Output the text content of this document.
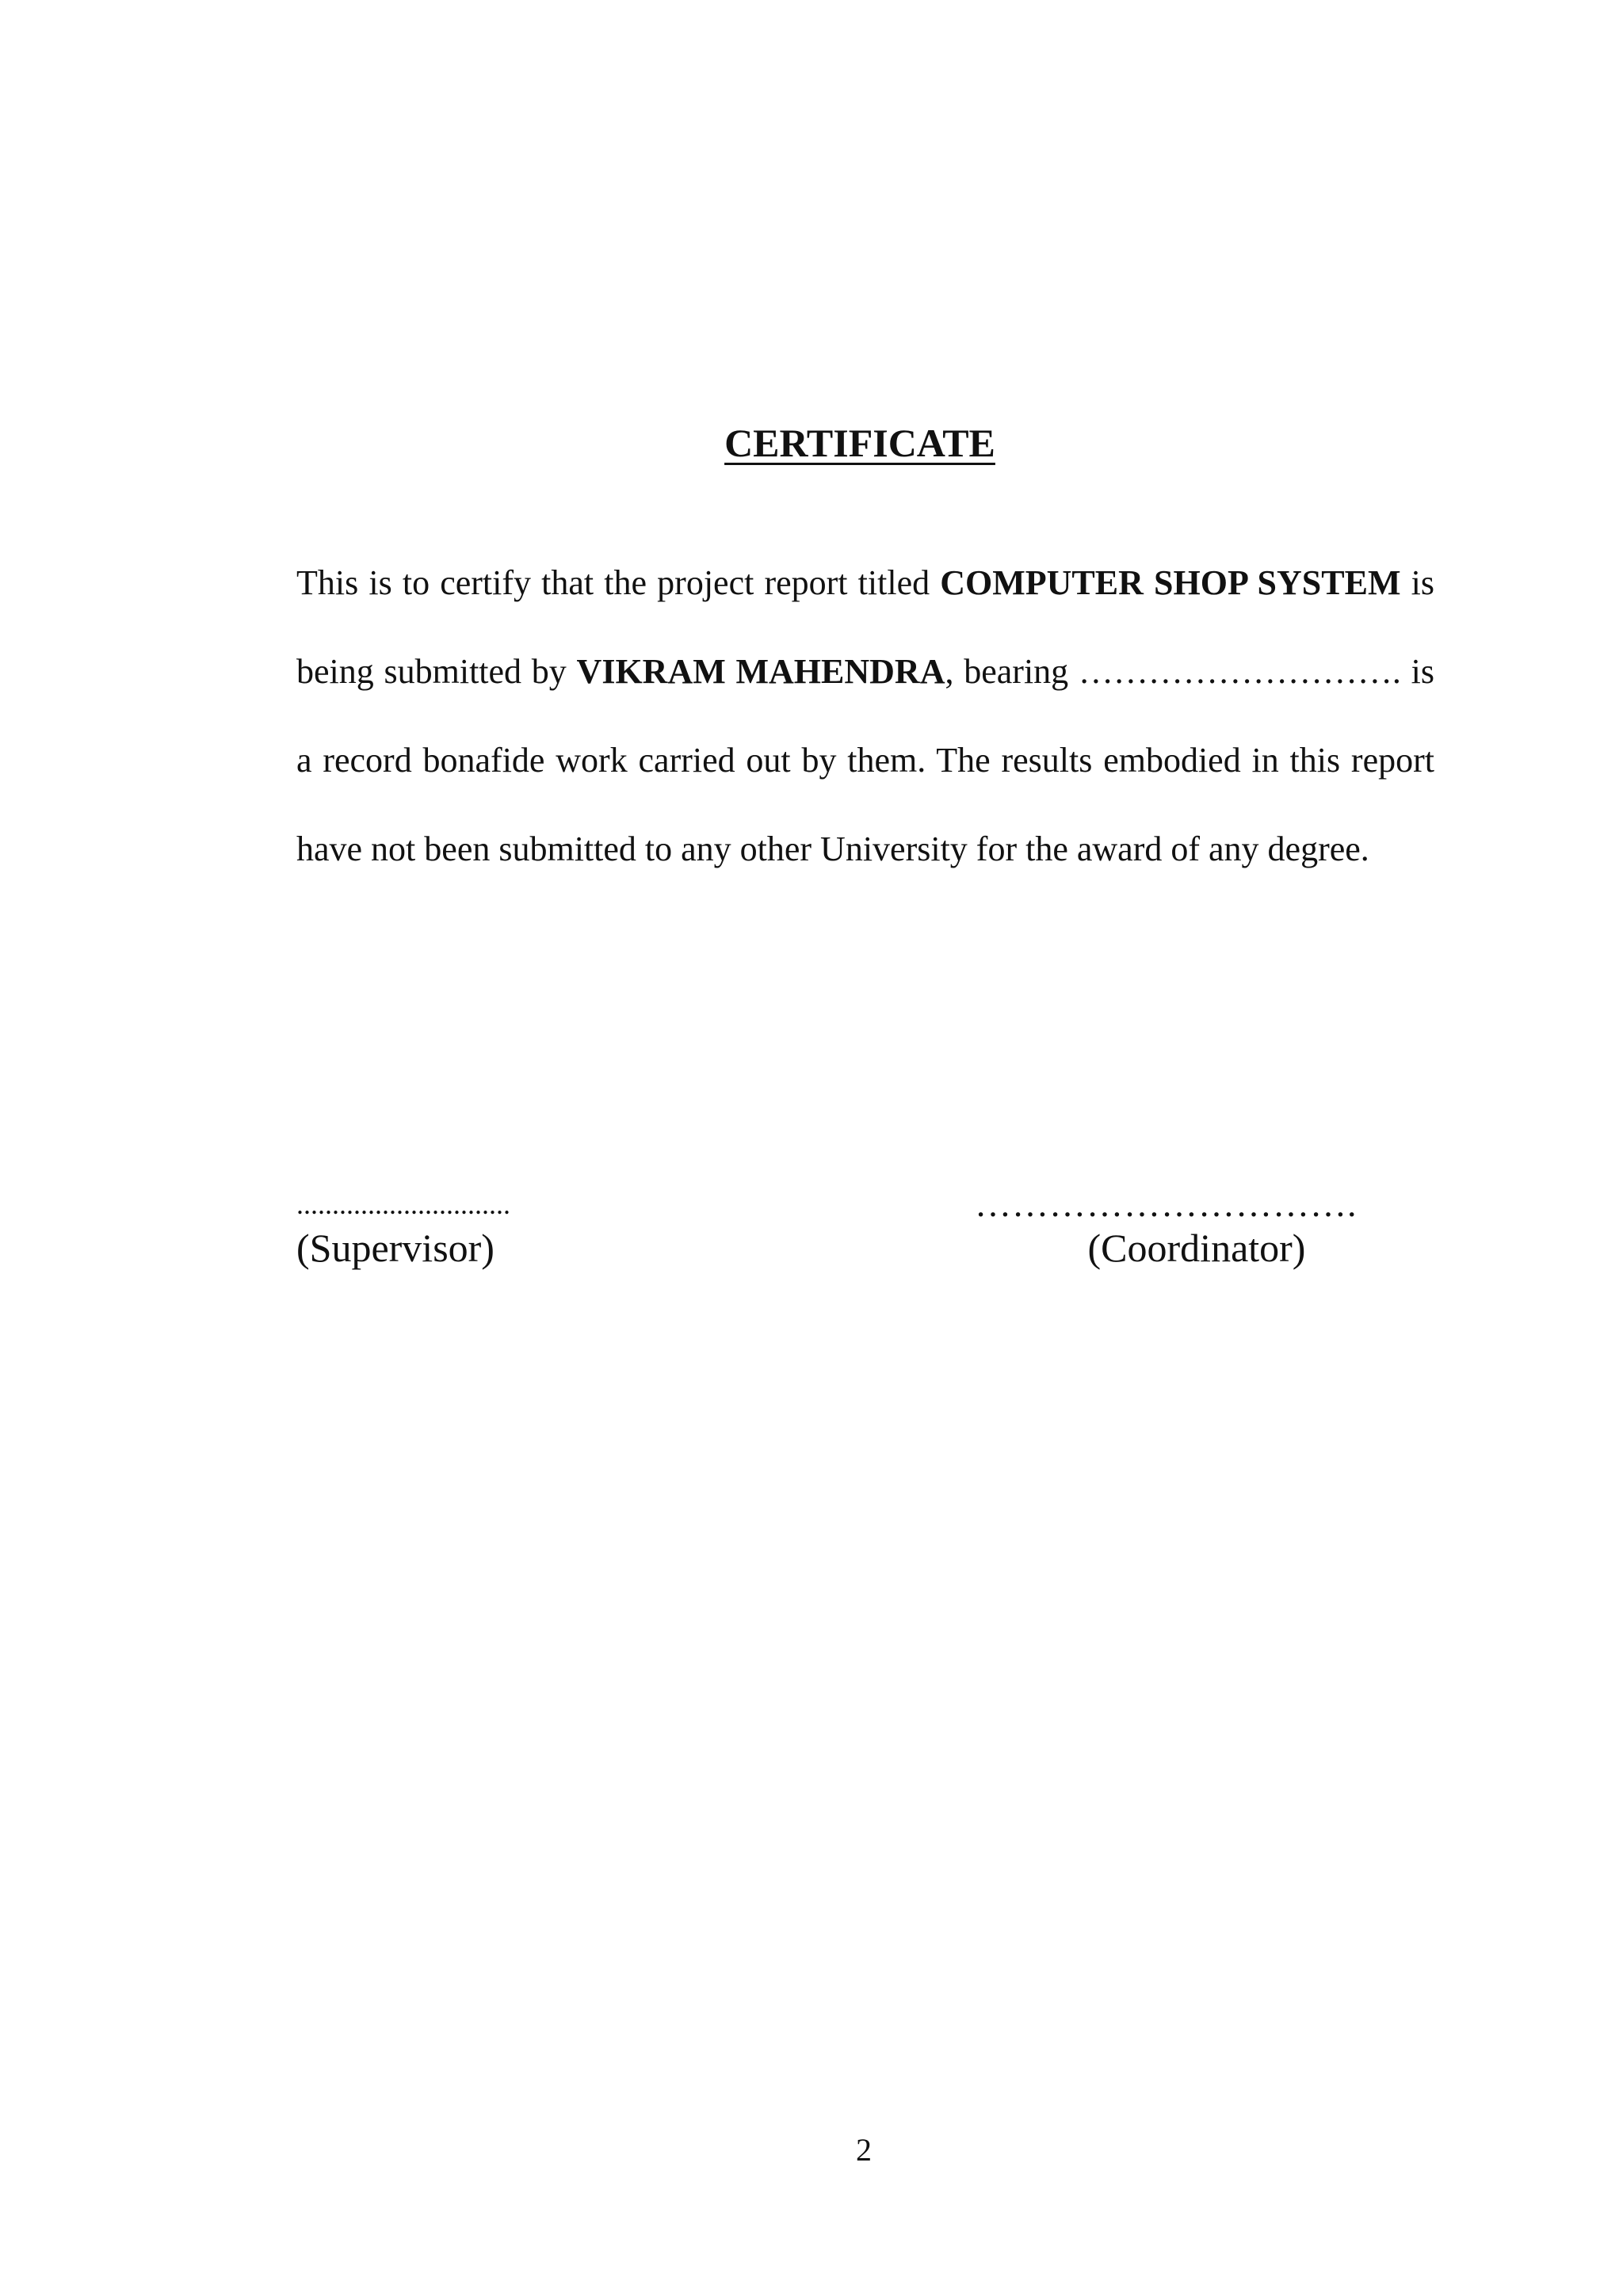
CERTIFICATE

This is to certify that the project report titled COMPUTER SHOP SYSTEM is being submitted by VIKRAM MAHENDRA, bearing ………………………. is a record bonafide work carried out by them. The results embodied in this report have not been submitted to any other University for the award of any degree.

..............................
(Supervisor)
………………………….
(Coordinator)
2
